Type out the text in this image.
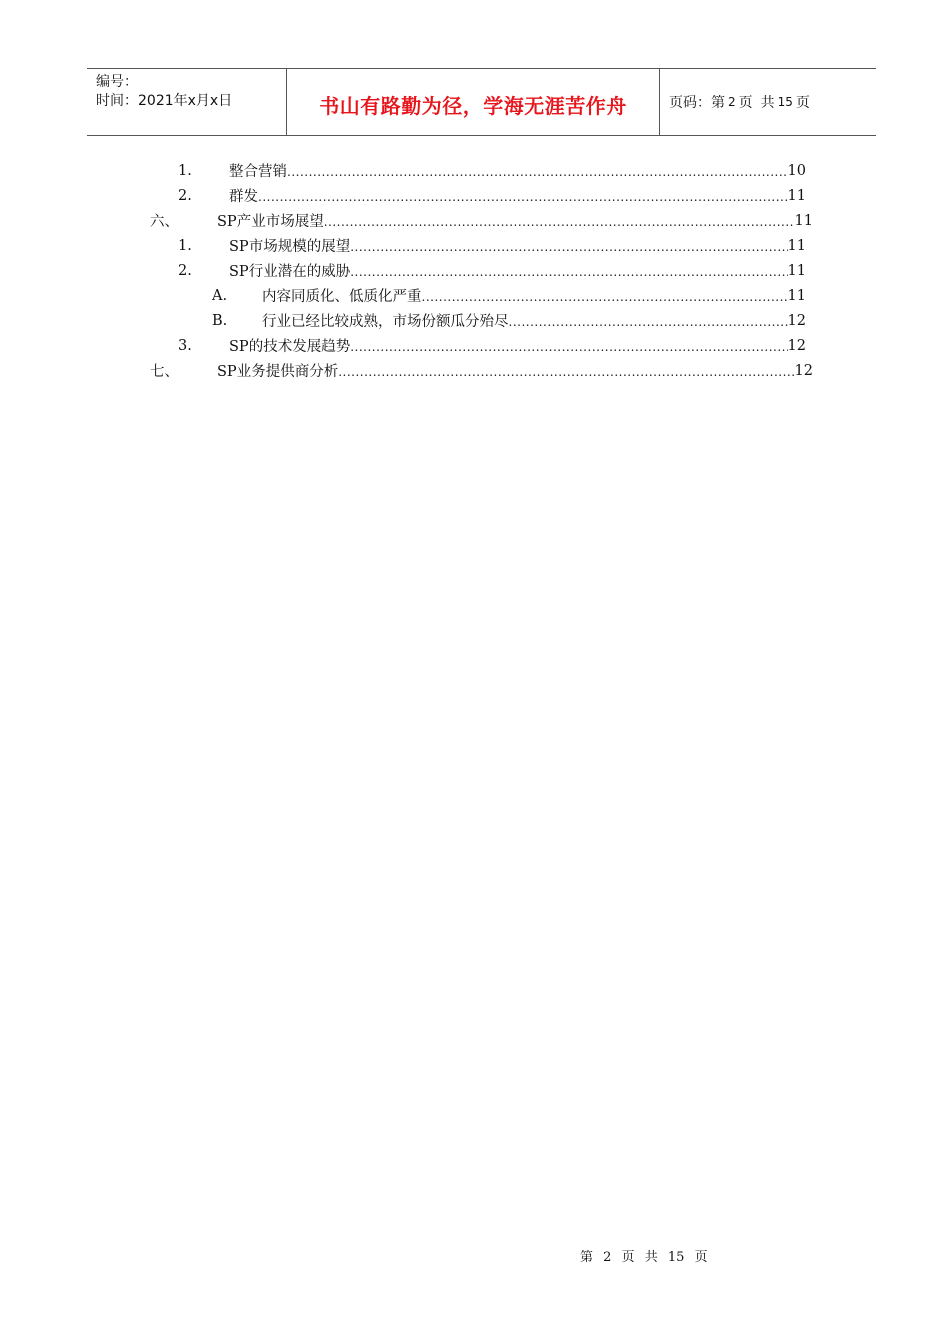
编号：
时间：2021年x月x日	书山有路勤为径，学海无涯苦作舟	页码：第 2 页 共 15 页
1.	整合营销 .....	10
2.	群发 .....	11
六、	SP产业市场展望 .....	11
1.	SP市场规模的展望 .....	11
2.	SP行业潜在的威胁 .....	11
A.	内容同质化、低质化严重 .....	11
B.	行业已经比较成熟，市场份额瓜分殆尽 .....	12
3.	SP的技术发展趋势 .....	12
七、	SP业务提供商分析 .....	12
第 2 页 共 15 页
